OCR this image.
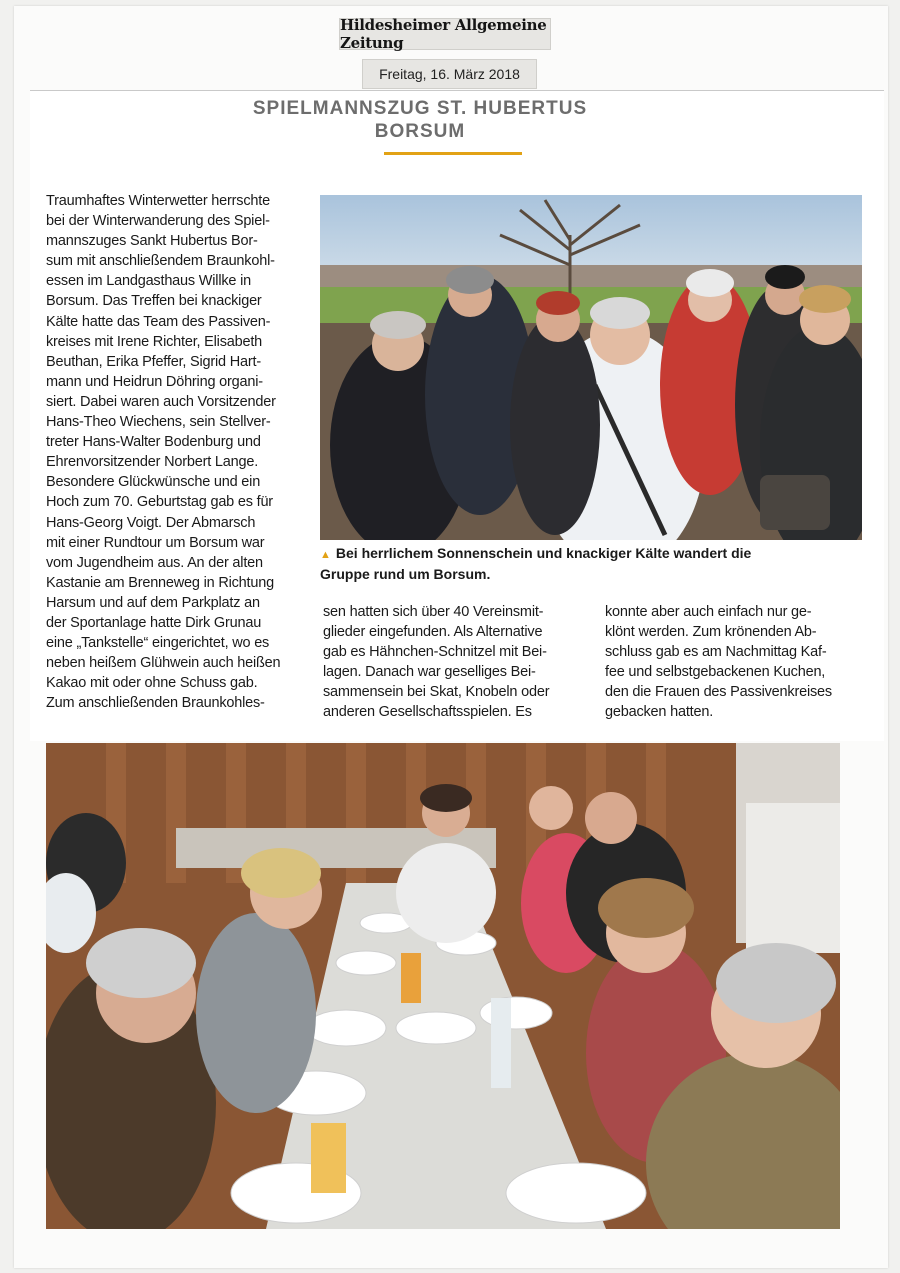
Hildesheimer Allgemeine Zeitung
Freitag, 16. März 2018
SPIELMANNSZUG ST. HUBERTUS
BORSUM
Traumhaftes Winterwetter herrschte
bei der Winterwanderung des Spiel-
mannszuges Sankt Hubertus Bor-
sum mit anschließendem Braunkohl-
essen im Landgasthaus Willke in
Borsum. Das Treffen bei knackiger
Kälte hatte das Team des Passiven-
kreises mit Irene Richter, Elisabeth
Beuthan, Erika Pfeffer, Sigrid Hart-
mann und Heidrun Döhring organi-
siert. Dabei waren auch Vorsitzender
Hans-Theo Wiechens, sein Stellver-
treter Hans-Walter Bodenburg und
Ehrenvorsitzender Norbert Lange.
Besondere Glückwünsche und ein
Hoch zum 70. Geburtstag gab es für
Hans-Georg Voigt. Der Abmarsch
mit einer Rundtour um Borsum war
vom Jugendheim aus. An der alten
Kastanie am Brenneweg in Richtung
Harsum und auf dem Parkplatz an
der Sportanlage hatte Dirk Grunau
eine „Tankstelle“ eingerichtet, wo es
neben heißem Glühwein auch heißen
Kakao mit oder ohne Schuss gab.
Zum anschließenden Braunkohles-
▲ Bei herrlichem Sonnenschein und knackiger Kälte wandert die
Gruppe rund um Borsum.
sen hatten sich über 40 Vereinsmit-
glieder eingefunden. Als Alternative
gab es Hähnchen-Schnitzel mit Bei-
lagen. Danach war geselliges Bei-
sammensein bei Skat, Knobeln oder
anderen Gesellschaftsspielen. Es
konnte aber auch einfach nur ge-
klönt werden. Zum krönenden Ab-
schluss gab es am Nachmittag Kaf-
fee und selbstgebackenen Kuchen,
den die Frauen des Passivenkreises
gebacken hatten.
